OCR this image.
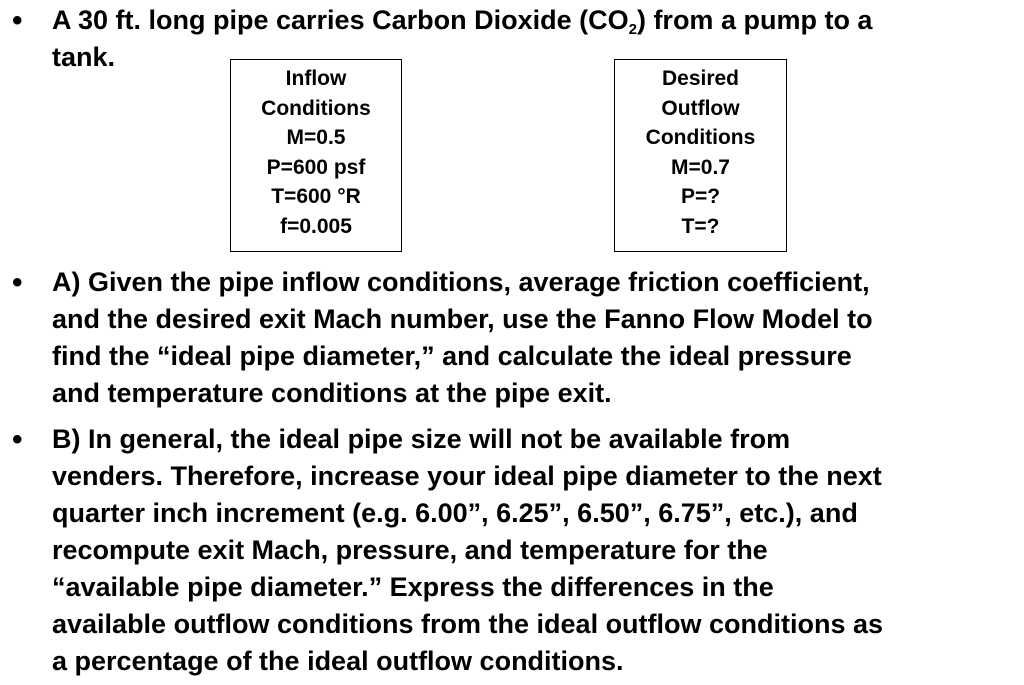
• A 30 ft. long pipe carries Carbon Dioxide $(CO_2)$ from a pump to a
tank.
Inflow
Conditions
M=0.5
P=600 psf
T=600 °R
f=0.005
Desired
Outflow
Conditions
M=0.7
P=?
T=?
• A) Given the pipe inflow conditions, average friction coefficient,
and the desired exit Mach number, use the Fanno Flow Model to
find the “ideal pipe diameter,” and calculate the ideal pressure
and temperature conditions at the pipe exit.
• B) In general, the ideal pipe size will not be available from
venders. Therefore, increase your ideal pipe diameter to the next
quarter inch increment (e.g. 6.00”, 6.25”, 6.50”, 6.75”, etc.), and
recompute exit Mach, pressure, and temperature for the
“available pipe diameter.” Express the differences in the
available outflow conditions from the ideal outflow conditions as
a percentage of the ideal outflow conditions.
